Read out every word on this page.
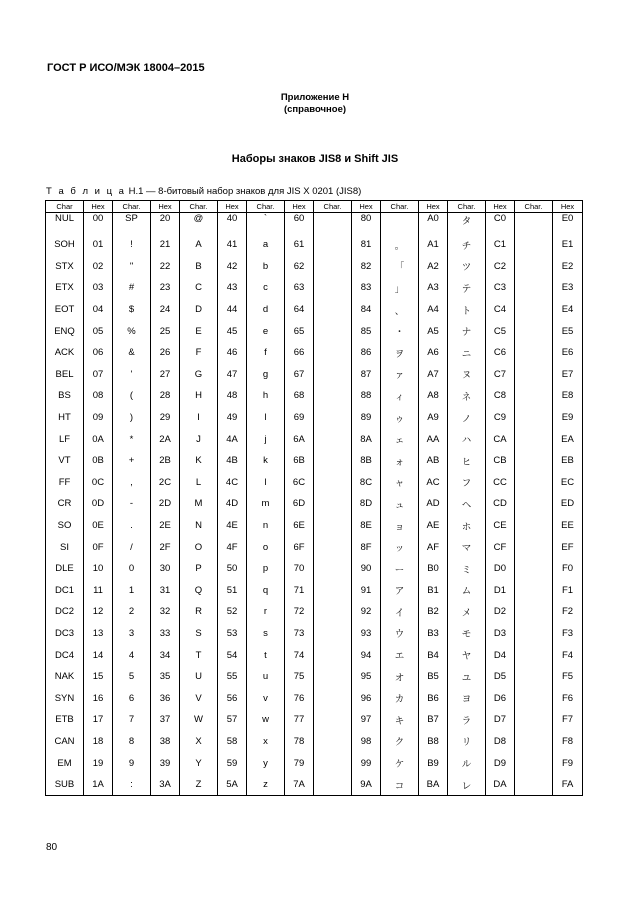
ГОСТ Р ИСО/МЭК 18004–2015
Приложение Н
(справочное)
Наборы знаков JIS8 и Shift JIS
Т а б л и ц а Н.1 — 8-битовый набор знаков для JIS X 0201 (JIS8)
Char	Hex	Char.	Hex	Char.	Hex	Char.	Hex	Char.	Hex	Char.	Hex	Char.	Hex	Char.	Hex
NUL	00	SP	20	@	40	`	60		80		A0	タ	C0		E0
SOH	01	!	21	A	41	a	61		81	。	A1	チ	C1		E1
STX	02	"	22	B	42	b	62		82	「	A2	ツ	C2		E2
ETX	03	#	23	C	43	c	63		83	」	A3	テ	C3		E3
EOT	04	$	24	D	44	d	64		84	、	A4	ト	C4		E4
ENQ	05	%	25	E	45	e	65		85	・	A5	ナ	C5		E5
ACK	06	&	26	F	46	f	66		86	ヲ	A6	ニ	C6		E6
BEL	07	'	27	G	47	g	67		87	ァ	A7	ヌ	C7		E7
BS	08	(	28	H	48	h	68		88	ィ	A8	ネ	C8		E8
HT	09	)	29	I	49	l	69		89	ゥ	A9	ノ	C9		E9
LF	0A	*	2A	J	4A	j	6A		8A	ェ	AA	ハ	CA		EA
VT	0B	+	2B	K	4B	k	6B		8B	ォ	AB	ヒ	CB		EB
FF	0C	,	2C	L	4C	l	6C		8C	ャ	AC	フ	CC		EC
CR	0D	-	2D	M	4D	m	6D		8D	ュ	AD	ヘ	CD		ED
SO	0E	.	2E	N	4E	n	6E		8E	ョ	AE	ホ	CE		EE
SI	0F	/	2F	O	4F	o	6F		8F	ッ	AF	マ	CF		EF
DLE	10	0	30	P	50	p	70		90	ー	B0	ミ	D0		F0
DC1	11	1	31	Q	51	q	71		91	ア	B1	ム	D1		F1
DC2	12	2	32	R	52	r	72		92	イ	B2	メ	D2		F2
DC3	13	3	33	S	53	s	73		93	ウ	B3	モ	D3		F3
DC4	14	4	34	T	54	t	74		94	エ	B4	ヤ	D4		F4
NAK	15	5	35	U	55	u	75		95	オ	B5	ユ	D5		F5
SYN	16	6	36	V	56	v	76		96	カ	B6	ヨ	D6		F6
ETB	17	7	37	W	57	w	77		97	キ	B7	ラ	D7		F7
CAN	18	8	38	X	58	x	78		98	ク	B8	リ	D8		F8
EM	19	9	39	Y	59	y	79		99	ケ	B9	ル	D9		F9
SUB	1A	:	3A	Z	5A	z	7A		9A	コ	BA	レ	DA		FA
80
